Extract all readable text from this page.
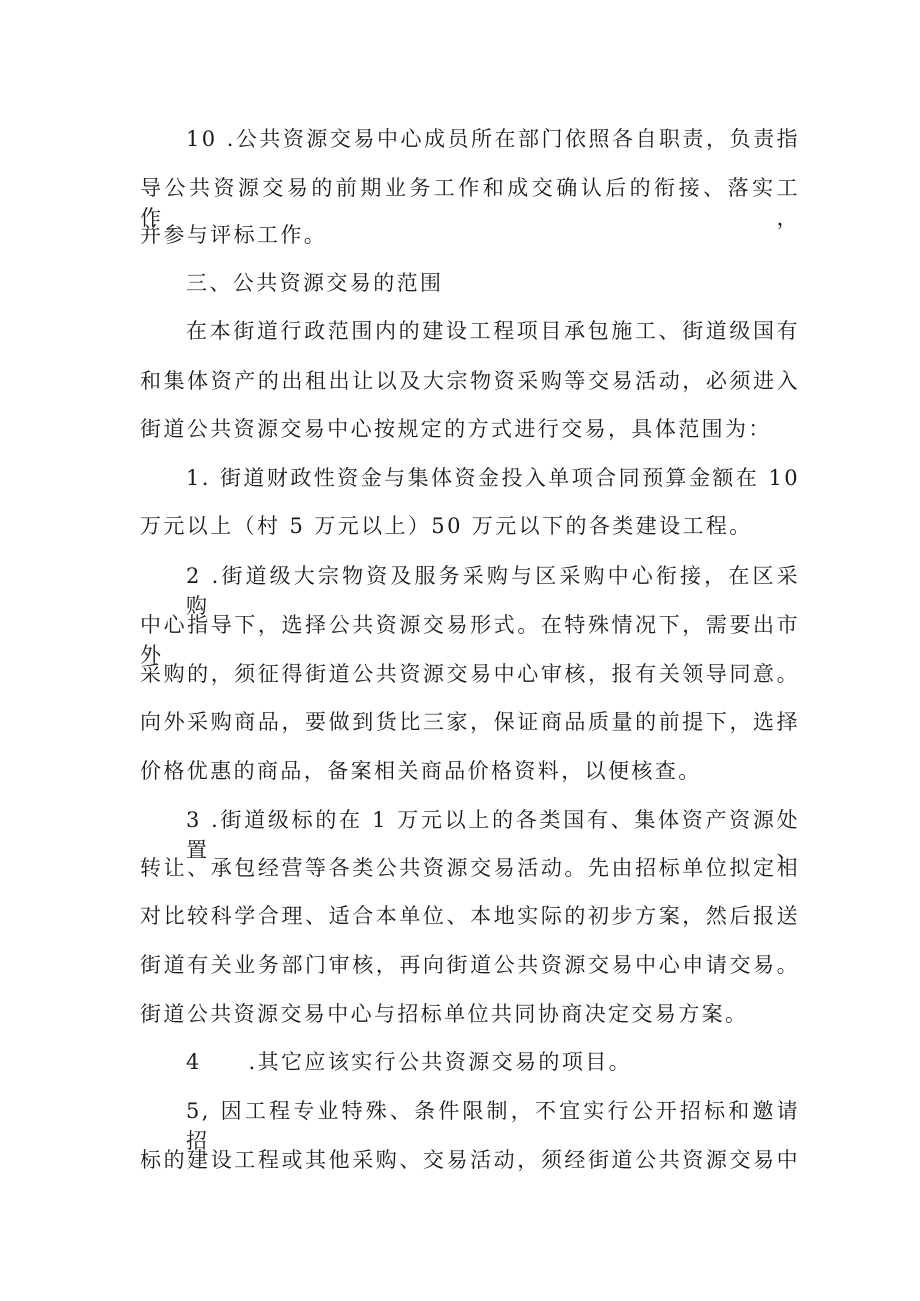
10 .公共资源交易中心成员所在部门依照各自职责，负责指
导公共资源交易的前期业务工作和成交确认后的衔接、落实工作，
并参与评标工作。
三、公共资源交易的范围
在本街道行政范围内的建设工程项目承包施工、街道级国有
和集体资产的出租出让以及大宗物资采购等交易活动，必须进入
街道公共资源交易中心按规定的方式进行交易，具体范围为：
1. 街道财政性资金与集体资金投入单项合同预算金额在 10
万元以上（村 5 万元以上）50 万元以下的各类建设工程。
2 .街道级大宗物资及服务采购与区采购中心衔接，在区采购
中心指导下，选择公共资源交易形式。在特殊情况下，需要出市外
采购的，须征得街道公共资源交易中心审核，报有关领导同意。
向外采购商品，要做到货比三家，保证商品质量的前提下，选择
价格优惠的商品，备案相关商品价格资料，以便核查。
3 .街道级标的在 1 万元以上的各类国有、集体资产资源处置、
转让、承包经营等各类公共资源交易活动。先由招标单位拟定相
对比较科学合理、适合本单位、本地实际的初步方案，然后报送
街道有关业务部门审核，再向街道公共资源交易中心申请交易。
街道公共资源交易中心与招标单位共同协商决定交易方案。
4　　.其它应该实行公共资源交易的项目。
5, 因工程专业特殊、条件限制，不宜实行公开招标和邀请招
标的建设工程或其他采购、交易活动，须经街道公共资源交易中
